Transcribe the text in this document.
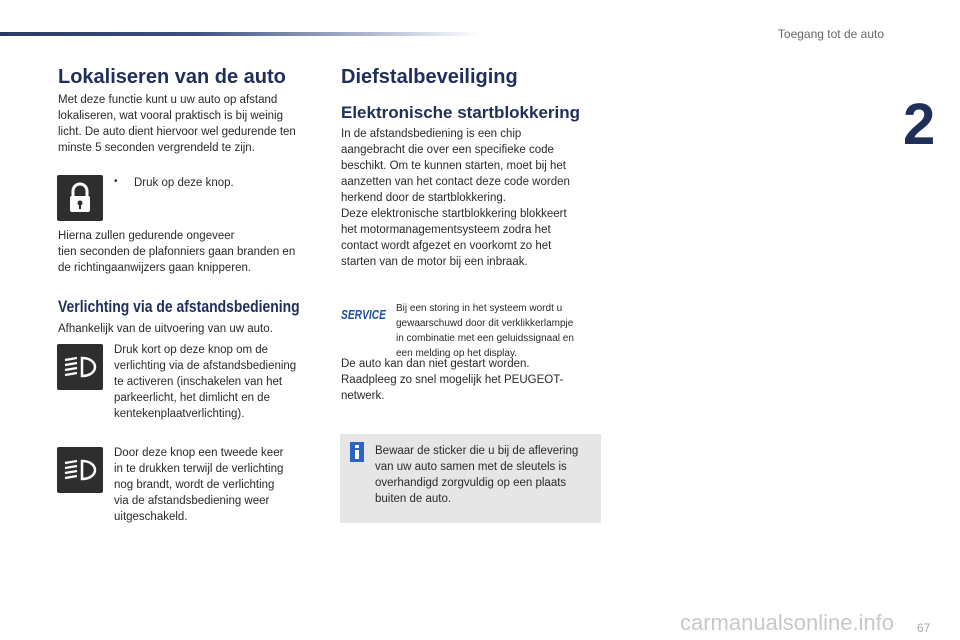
Toegang tot de auto
2
Lokaliseren van de auto

Met deze functie kunt u uw auto op afstand
lokaliseren, wat vooral praktisch is bij weinig
licht. De auto dient hiervoor wel gedurende ten
minste 5 seconden vergrendeld te zijn.

• Druk op deze knop.

Hierna zullen gedurende ongeveer
tien seconden de plafonniers gaan branden en
de richtingaanwijzers gaan knipperen.

Verlichting via de afstandsbediening

Afhankelijk van de uitvoering van uw auto.

Druk kort op deze knop om de
verlichting via de afstandsbediening
te activeren (inschakelen van het
parkeerlicht, het dimlicht en de
kentekenplaatverlichting).

Door deze knop een tweede keer
in te drukken terwijl de verlichting
nog brandt, wordt de verlichting
via de afstandsbediening weer
uitgeschakeld.

Diefstalbeveiliging
Elektronische startblokkering

In de afstandsbediening is een chip
aangebracht die over een specifieke code
beschikt. Om te kunnen starten, moet bij het
aanzetten van het contact deze code worden
herkend door de startblokkering.
Deze elektronische startblokkering blokkeert
het motormanagementsysteem zodra het
contact wordt afgezet en voorkomt zo het
starten van de motor bij een inbraak.

SERVICE Bij een storing in het systeem wordt u
gewaarschuwd door dit verklikkerlampje
in combinatie met een geluidssignaal en
een melding op het display.

De auto kan dan niet gestart worden.
Raadpleeg zo snel mogelijk het PEUGEOT-
netwerk.

Bewaar de sticker die u bij de aflevering
van uw auto samen met de sleutels is
overhandigd zorgvuldig op een plaats
buiten de auto.

carmanualsonline.info 67
